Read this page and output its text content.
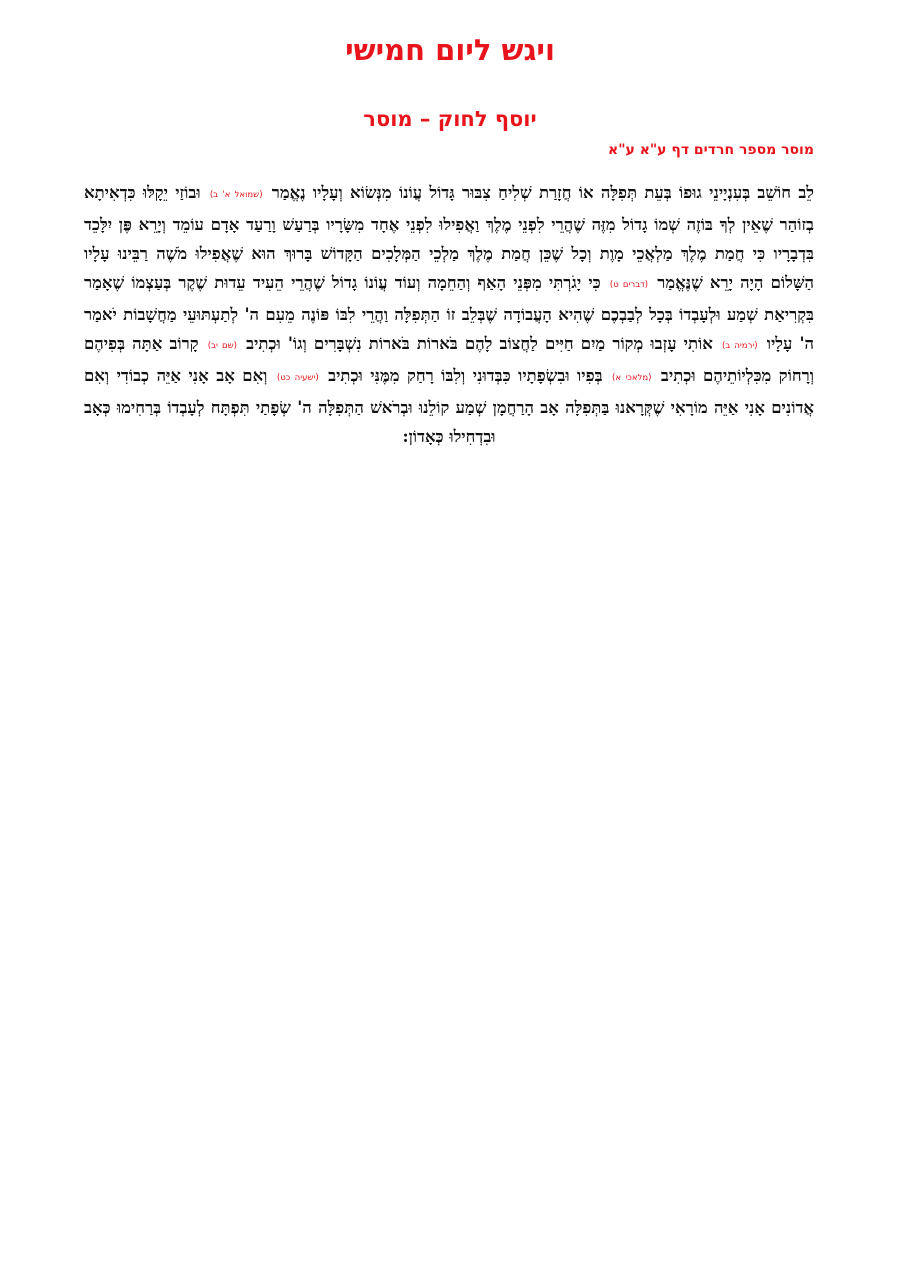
ויגש ליום חמישי
יוסף לחוק – מוסר
מוסר מספר חרדים דף ע"א ע"א

לֵב חוֹשֵׁב בְּעִנְיָינֵי גוּפוֹ בְּעֵת תְּפִלָּה אוֹ חֲזָרַת שְׁלִיחַ צִבּוּר גָּדוֹל עֲוֹנוֹ מִנְּשׂוֹא וְעָלָיו נֶאֱמַר (שמואל א' ב) וּבוֹזַי יֵקָלּוּ כִּדְאִיתָא בְזוֹהַר שֶׁאֵין לְךָ בּוֹזֶה שְׁמוֹ גָדוֹל מִזֶּה שֶׁהֲרֵי לִפְנֵי מֶלֶךְ וַאֲפִילוּ לִפְנֵי אֶחָד מִשָּׂרָיו בְּרַעַשׁ וָרַעַד אָדָם עוֹמֵד וְיָרֵא פֶּן יִלָּכֵד בִּדְבָרָיו כִּי חֲמַת מֶלֶךְ מַלְאֲכֵי מָוֶת וְכָל שֶׁכֵּן חֲמַת מֶלֶךְ מַלְכֵי הַמְּלָכִים הַקָּדוֹשׁ בָּרוּךְ הוּא שֶׁאֲפִילוּ מֹשֶׁה רַבֵּינוּ עָלָיו הַשָּׁלוֹם הָיָה יָרֵא שֶׁנֶּאֱמַר (דברים ט) כִּי יָגֹרְתִּי מִפְּנֵי הָאַף וְהַחֵמָה וְעוֹד עֲוֹנוֹ גָדוֹל שֶׁהֲרֵי הֵעִיד עֵדוּת שֶׁקֶר בְּעַצְמוֹ שֶׁאָמַר בִּקְרִיאַת שְׁמַע וּלְעָבְדוֹ בְּכָל לְבַבְכֶם שֶׁהִיא הָעֲבוֹדָה שֶׁבְּלֵב זוֹ הַתְּפִלָּה וַהֲרֵי לִבּוֹ פּוֹנֶה מֵעִם ה' לְתַעְתּוּעֵי מַחֲשָׁבוֹת יֹאמַר ה' עָלָיו (ירמיה ב) אוֹתִי עָזְבוּ מְקוֹר מַיִם חַיִּים לַחֲצוֹב לָהֶם בֹּארוֹת בֹּארוֹת נִשְׁבָּרִים וְגוֹ' וּכְתִיב (שם יב) קָרוֹב אַתָּה בְּפִיהֶם וְרָחוֹק מִכִּלְיוֹתֵיהֶם וּכְתִיב (מלאכי א) בְּפִיו וּבִשְׂפָתָיו כִּבְּדוּנִי וְלִבּוֹ רָחַק מִמֶּנִּי וּכְתִיב (ישעיה כט) וְאִם אָב אָנִי אַיֵּה כְבוֹדִי וְאִם אֲדוֹנִים אָנִי אַיֵּה מוֹרָאִי שֶׁקְּרָאנוּ בַּתְּפִלָּה אָב הָרַחֲמָן שְׁמַע קוֹלֵנוּ וּבְרֹאשׁ הַתְּפִלָּה ה' שְׂפָתַי תִּפְתָּח לְעָבְדוֹ בְּרַחִימוּ כְּאָב וּבִדְחִילוּ כְּאָדוֹן:
